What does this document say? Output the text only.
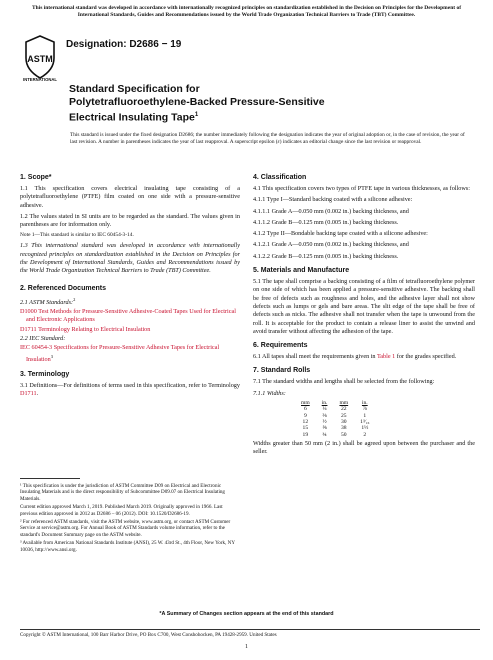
This international standard was developed in accordance with internationally recognized principles on standardization established in the Decision on Principles for the Development of International Standards, Guides and Recommendations issued by the World Trade Organization Technical Barriers to Trade (TBT) Committee.
ASTM
INTERNATIONAL
Designation: D2686 − 19
Standard Specification for
Polytetrafluoroethylene-Backed Pressure-Sensitive
Electrical Insulating Tape$^1$
This standard is issued under the fixed designation D2686; the number immediately following the designation indicates the year of original adoption or, in the case of revision, the year of last revision. A number in parentheses indicates the year of last reapproval. A superscript epsilon (ε) indicates an editorial change since the last revision or reapproval.
1. Scope*

1.1 This specification covers electrical insulating tape consisting of a polytetrafluoroethylene (PTFE) film coated on one side with a pressure-sensitive adhesive.

1.2 The values stated in SI units are to be regarded as the standard. The values given in parentheses are for information only.

Note 1—This standard is similar to IEC 60454-3-14.

1.3 This international standard was developed in accordance with internationally recognized principles on standardization established in the Decision on Principles for the Development of International Standards, Guides and Recommendations issued by the World Trade Organization Technical Barriers to Trade (TBT) Committee.

2. Referenced Documents

2.1 ASTM Standards:$^2$

D1000 Test Methods for Pressure-Sensitive Adhesive-Coated Tapes Used for Electrical and Electronic Applications

D1711 Terminology Relating to Electrical Insulation

2.2 IEC Standard:

IEC 60454-3 Specifications for Pressure-Sensitive Adhesive Tapes for Electrical Insulation$^3$

3. Terminology

3.1 Definitions—For definitions of terms used in this specification, refer to Terminology D1711.

¹ This specification is under the jurisdiction of ASTM Committee D09 on Electrical and Electronic Insulating Materials and is the direct responsibility of Subcommittee D09.07 on Electrical Insulating Materials.

Current edition approved March 1, 2019. Published March 2019. Originally approved in 1966. Last previous edition approved in 2012 as D2686 – 06 (2012). DOI: 10.1520/D2686-19.

² For referenced ASTM standards, visit the ASTM website, www.astm.org, or contact ASTM Customer Service at service@astm.org. For Annual Book of ASTM Standards volume information, refer to the standard's Document Summary page on the ASTM website.

³ Available from American National Standards Institute (ANSI), 25 W. 43rd St., 4th Floor, New York, NY 10036, http://www.ansi.org.

4. Classification

4.1 This specification covers two types of PTFE tape in various thicknesses, as follows:

4.1.1 Type I—Standard backing coated with a silicone adhesive:

4.1.1.1 Grade A—0.050 mm (0.002 in.) backing thickness, and

4.1.1.2 Grade B—0.125 mm (0.005 in.) backing thickness.

4.1.2 Type II—Bondable backing tape coated with a silicone adhesive:

4.1.2.1 Grade A—0.050 mm (0.002 in.) backing thickness, and

4.1.2.2 Grade B—0.125 mm (0.005 in.) backing thickness.

5. Materials and Manufacture

5.1 The tape shall comprise a backing consisting of a film of tetrafluoroethylene polymer on one side of which has been applied a pressure-sensitive adhesive. The backing shall be free of defects such as roughness and holes, and the adhesive layer shall not show defects such as lumps or gels and bare areas. The slit edge of the tape shall be free of defects such as nicks. The adhesive shall not transfer when the tape is unwound from the roll. It is acceptable for the product to contain a release liner to assist the unwind and avoid transfer without affecting the adhesion of the tape.

6. Requirements

6.1 All tapes shall meet the requirements given in Table 1 for the grades specified.

7. Standard Rolls

7.1 The standard widths and lengths shall be selected from the following:

7.1.1 Widths:

mm	in.	mm	in.
6	¼	22	⅞
9	⅜	25	1
12	½	30	1³⁄₁₆
15	⅝	38	1½
19	¾	50	2

Widths greater than 50 mm (2 in.) shall be agreed upon between the purchaser and the seller.

*A Summary of Changes section appears at the end of this standard
Copyright © ASTM International, 100 Barr Harbor Drive, PO Box C700, West Conshohocken, PA 19428-2959. United States
1
